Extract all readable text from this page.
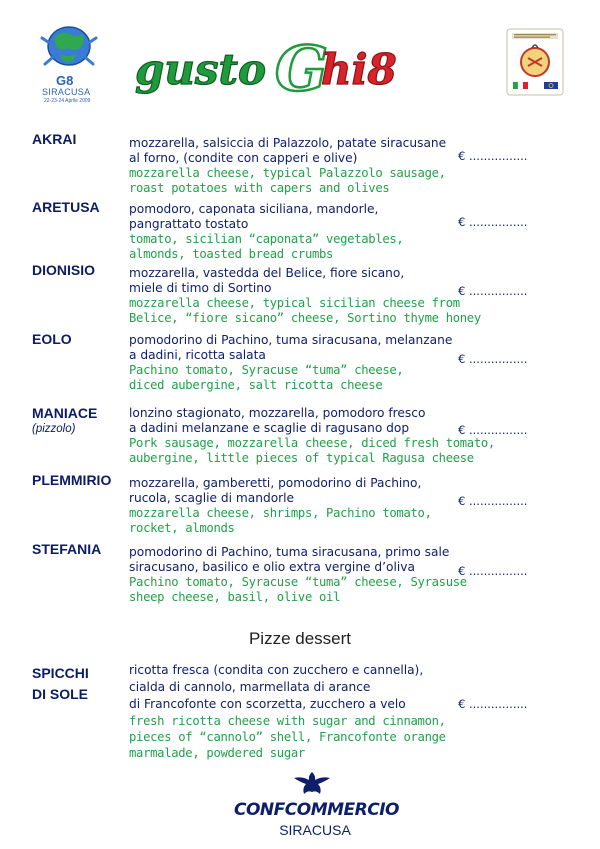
G8
SIRACUSA
22-23-24 Aprile 2009
gusto G
hi8
AKRAI	mozzarella, salsiccia di Palazzolo, patate siracusane
al forno, (condite con capperi e olive)
mozzarella cheese, typical Palazzolo sausage,
roast potatoes with capers and olives
€ ................
ARETUSA pomodoro, caponata siciliana, mandorle,
pangrattato tostato
tomato, sicilian “caponata” vegetables,
almonds, toasted bread crumbs
€ ................
DIONISIO	mozzarella, vastedda del Belice, fiore sicano,
miele di timo di Sortino
mozzarella cheese, typical sicilian cheese from
Belice, “fiore sicano” cheese, Sortino thyme honey
€ ................
EOLO	pomodorino di Pachino, tuma siracusana, melanzane
a dadini, ricotta salata
Pachino tomato, Syracuse “tuma” cheese,
diced aubergine, salt ricotta cheese
€ ................
MANIACE
(pizzolo)
lonzino stagionato, mozzarella, pomodoro fresco
a dadini melanzane e scaglie di ragusano dop
Pork sausage, mozzarella cheese, diced fresh tomato,
aubergine, little pieces of typical Ragusa cheese
€ ................
PLEMMIRIO mozzarella, gamberetti, pomodorino di Pachino,
rucola, scaglie di mandorle
mozzarella cheese, shrimps, Pachino tomato,
rocket, almonds
€ ................
STEFANIA pomodorino di Pachino, tuma siracusana, primo sale
siracusano, basilico e olio extra vergine d’oliva
Pachino tomato, Syracuse “tuma” cheese, Syrasuse
sheep cheese, basil, olive oil
€ ................
Pizze dessert
SPICCHI
DI SOLE
ricotta fresca (condita con zucchero e cannella),
cialda di cannolo, marmellata di arance
di Francofonte con scorzetta, zucchero a velo
fresh ricotta cheese with sugar and cinnamon,
pieces of “cannolo” shell, Francofonte orange
marmalade, powdered sugar
€ ................
CONFCOMMERCIO
SIRACUSA
